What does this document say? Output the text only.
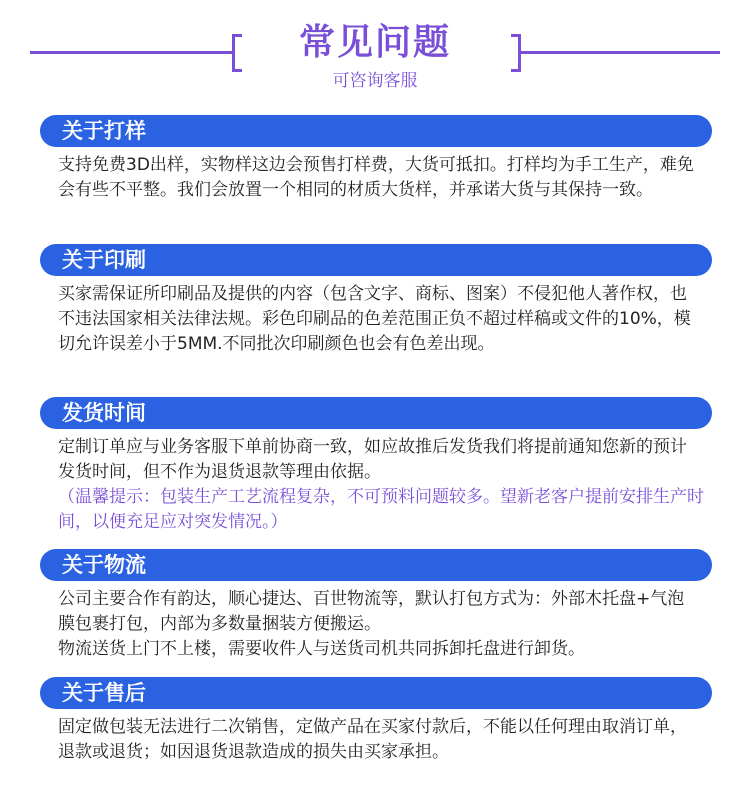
常见问题
可咨询客服
关于打样

支持免费3D出样，实物样这边会预售打样费，大货可抵扣。打样均为手工生产，难免会有些不平整。我们会放置一个相同的材质大货样，并承诺大货与其保持一致。

关于印刷

买家需保证所印刷品及提供的内容（包含文字、商标、图案）不侵犯他人著作权，也不违法国家相关法律法规。彩色印刷品的色差范围正负不超过样稿或文件的10%，模切允许误差小于5MM.不同批次印刷颜色也会有色差出现。

发货时间

定制订单应与业务客服下单前协商一致，如应故推后发货我们将提前通知您新的预计发货时间，但不作为退货退款等理由依据。

（温馨提示：包装生产工艺流程复杂，不可预料问题较多。望新老客户提前安排生产时间，以便充足应对突发情况。）

关于物流

公司主要合作有韵达，顺心捷达、百世物流等，默认打包方式为：外部木托盘+气泡膜包裹打包，内部为多数量捆装方便搬运。

物流送货上门不上楼，需要收件人与送货司机共同拆卸托盘进行卸货。

关于售后

固定做包装无法进行二次销售，定做产品在买家付款后，不能以任何理由取消订单，退款或退货；如因退货退款造成的损失由买家承担。
